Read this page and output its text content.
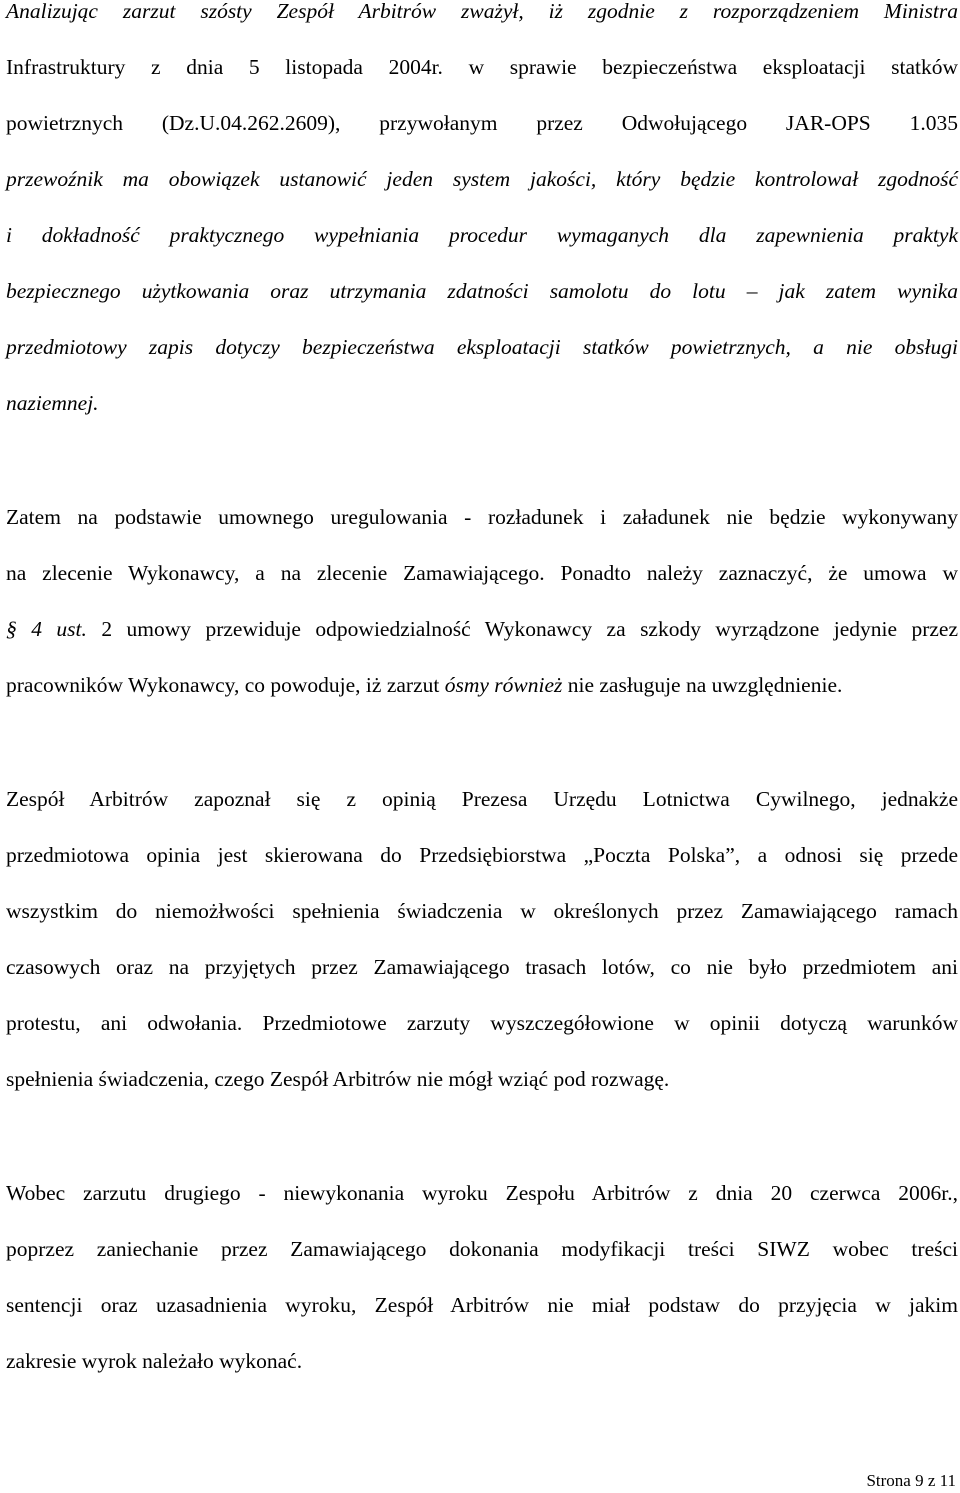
Analizując zarzut szósty Zespół Arbitrów zważył, iż zgodnie z rozporządzeniem Ministra
Infrastruktury z dnia 5 listopada 2004r. w sprawie bezpieczeństwa eksploatacji statków
powietrznych (Dz.U.04.262.2609), przywołanym przez Odwołującego JAR-OPS 1.035
przewoźnik ma obowiązek ustanowić jeden system jakości, który będzie kontrolował zgodność
i dokładność praktycznego wypełniania procedur wymaganych dla zapewnienia praktyk
bezpiecznego użytkowania oraz utrzymania zdatności samolotu do lotu – jak zatem wynika
przedmiotowy zapis dotyczy bezpieczeństwa eksploatacji statków powietrznych, a nie obsługi
naziemnej.
Zatem na podstawie umownego uregulowania - rozładunek i załadunek nie będzie wykonywany
na zlecenie Wykonawcy, a na zlecenie Zamawiającego. Ponadto należy zaznaczyć, że umowa w
§ 4 ust. 2 umowy przewiduje odpowiedzialność Wykonawcy za szkody wyrządzone jedynie przez
pracowników Wykonawcy, co powoduje, iż zarzut ósmy również nie zasługuje na uwzględnienie.
Zespół Arbitrów zapoznał się z opinią Prezesa Urzędu Lotnictwa Cywilnego, jednakże
przedmiotowa opinia jest skierowana do Przedsiębiorstwa „Poczta Polska”, a odnosi się przede
wszystkim do niemożłwości spełnienia świadczenia w określonych przez Zamawiającego ramach
czasowych oraz na przyjętych przez Zamawiającego trasach lotów, co nie było przedmiotem ani
protestu, ani odwołania. Przedmiotowe zarzuty wyszczegółowione w opinii dotyczą warunków
spełnienia świadczenia, czego Zespół Arbitrów nie mógł wziąć pod rozwagę.
Wobec zarzutu drugiego - niewykonania wyroku Zespołu Arbitrów z dnia 20 czerwca 2006r.,
poprzez zaniechanie przez Zamawiającego dokonania modyfikacji treści SIWZ wobec treści
sentencji oraz uzasadnienia wyroku, Zespół Arbitrów nie miał podstaw do przyjęcia w jakim
zakresie wyrok należało wykonać.
Strona 9 z 11
